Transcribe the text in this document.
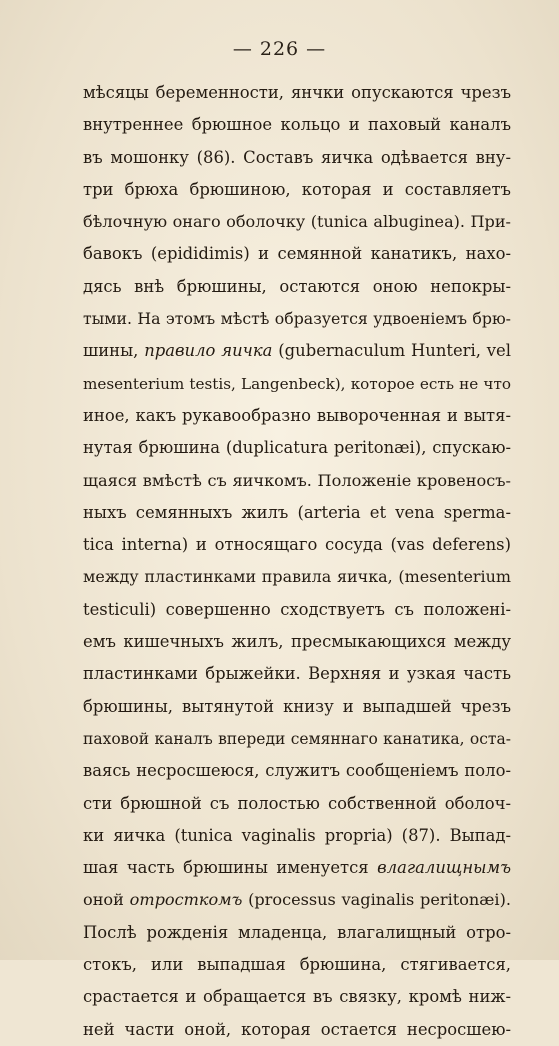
— 226 —
мѣсяцы беременности, янчки опускаются чрезъ
внутреннее брюшное кольцо и паховый каналъ
въ мошонку (86). Составъ яичка одѣвается вну-
три брюха брюшиною, которая и составляетъ
бѣлочную онаго оболочку (tunica albuginea). При-
бавокъ (epididimis) и семянной канатикъ, нахо-
дясь внѣ брюшины, остаются оною непокры-
тыми. На этомъ мѣстѣ образуется удвоенiемъ брю-
шины, правило яичка (gubernaculum Hunteri, vel
mesenterium testis, Langenbeck), которое есть не что
иное, какъ рукавообразно вывороченная и вытя-
нутая брюшина (duplicatura peritonæi), спускаю-
щаяся вмѣстѣ съ яичкомъ. Положенiе кровеносъ-
ныхъ семянныхъ жилъ (arteria et vena sperma-
tica interna) и относящаго сосуда (vas deferens)
между пластинками правила яичка, (mesenterium
testiculi) совершенно сходствуетъ съ положенi-
емъ кишечныхъ жилъ, пресмыкающихся между
пластинками брыжейки. Верхняя и узкая часть
брюшины, вытянутой книзу и выпадшей чрезъ
паховой каналъ впереди семяннаго канатика, оста-
ваясь несросшеюся, служитъ сообщенiемъ поло-
сти брюшной съ полостью собственной оболоч-
ки яичка (tunica vaginalis propria) (87). Выпад-
шая часть брюшины именуется влагалищнымъ
оной отросткомъ (processus vaginalis peritonæi).
Послѣ рожденiя младенца, влагалищный отро-
стокъ, или выпадшая брюшина, стягивается,
срастается и обращается въ связку, кромѣ ниж-
ней части оной, которая остается несросшею-
